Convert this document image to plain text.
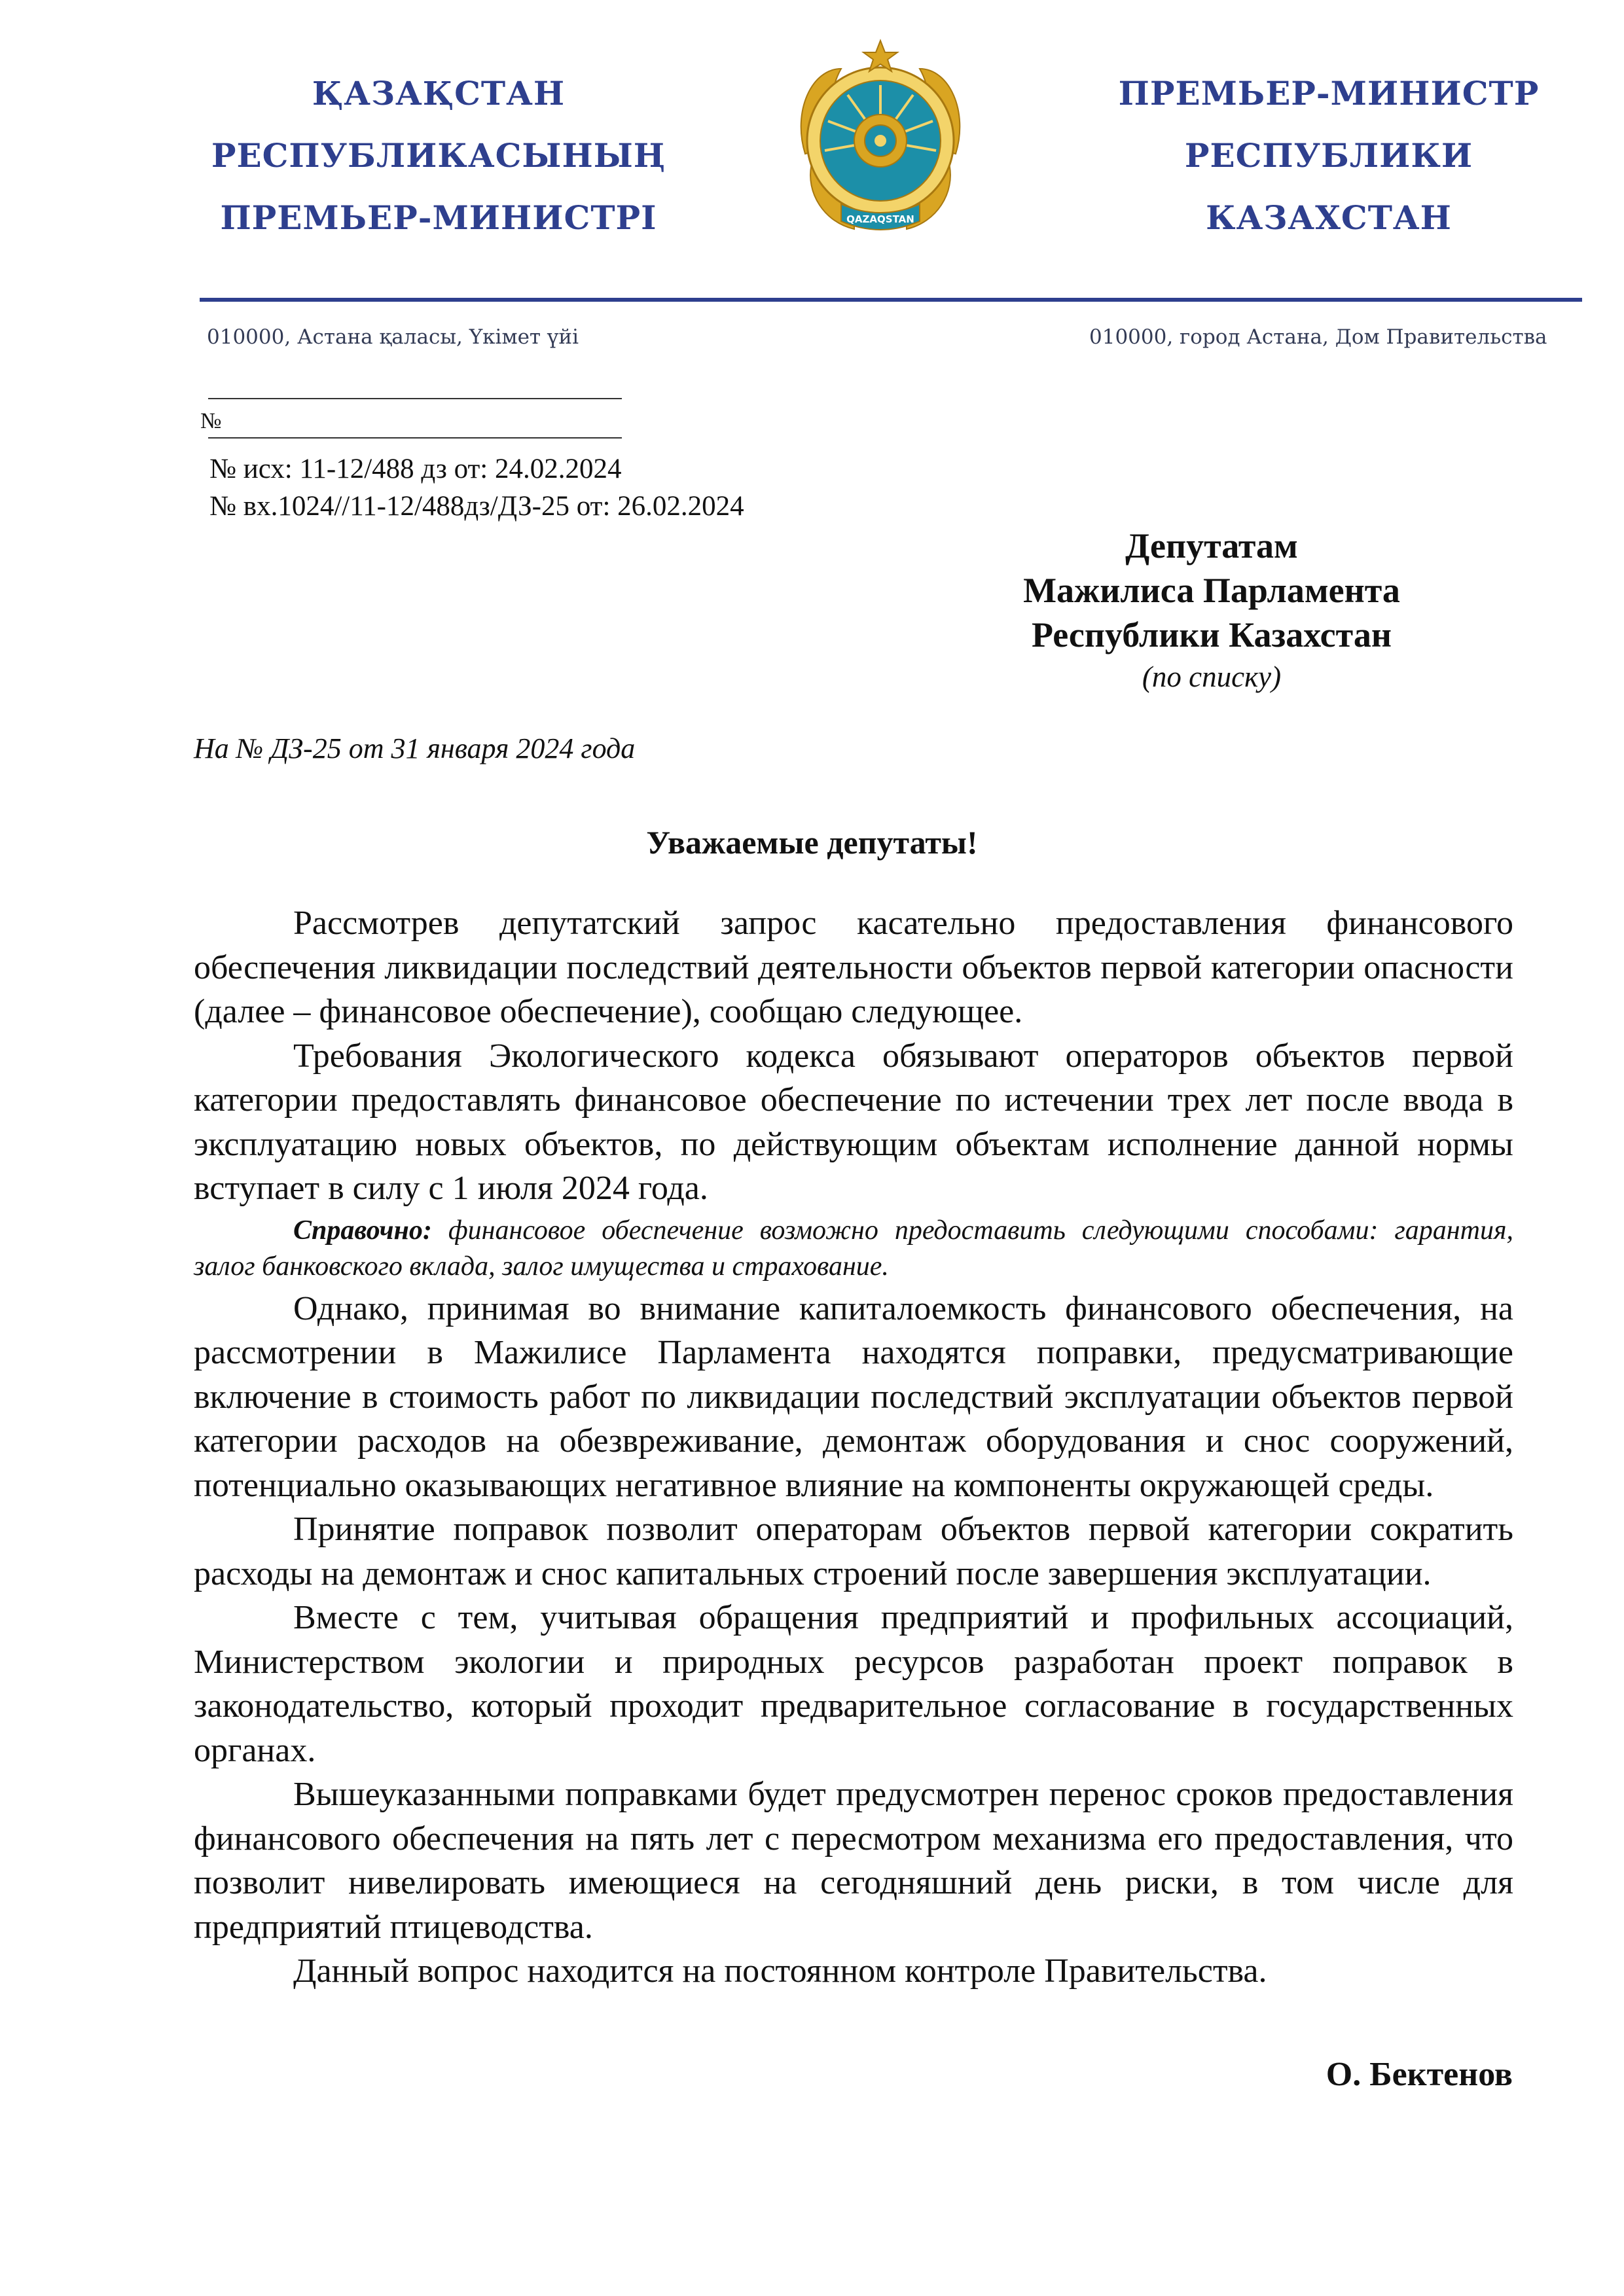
ҚАЗАҚСТАН
РЕСПУБЛИКАСЫНЫҢ
ПРЕМЬЕР-МИНИСТРІ	QAZAQSTAN
ПРЕМЬЕР-МИНИСТР
РЕСПУБЛИКИ
КАЗАХСТАН
010000, Астана қаласы, Үкімет үйі	010000, город Астана, Дом Правительства
№
№ исх: 11-12/488 дз от: 24.02.2024
№ вх.1024//11-12/488дз/ДЗ-25 от: 26.02.2024
Депутатам
Мажилиса Парламента
Республики Казахстан
(по списку)
На № ДЗ-25 от 31 января 2024 года
Уважаемые депутаты!

Рассмотрев депутатский запрос касательно предоставления финансового обеспечения ликвидации последствий деятельности объектов первой категории опасности (далее – финансовое обеспечение), сообщаю следующее.

Требования Экологического кодекса обязывают операторов объектов первой категории предоставлять финансовое обеспечение по истечении трех лет после ввода в эксплуатацию новых объектов, по действующим объектам исполнение данной нормы вступает в силу с 1 июля 2024 года.

Справочно: финансовое обеспечение возможно предоставить следующими способами: гарантия, залог банковского вклада, залог имущества и страхование.

Однако, принимая во внимание капиталоемкость финансового обеспечения, на рассмотрении в Мажилисе Парламента находятся поправки, предусматривающие включение в стоимость работ по ликвидации последствий эксплуатации объектов первой категории расходов на обезвреживание, демонтаж оборудования и снос сооружений, потенциально оказывающих негативное влияние на компоненты окружающей среды.

Принятие поправок позволит операторам объектов первой категории сократить расходы на демонтаж и снос капитальных строений после завершения эксплуатации.

Вместе с тем, учитывая обращения предприятий и профильных ассоциаций, Министерством экологии и природных ресурсов разработан проект поправок в законодательство, который проходит предварительное согласование в государственных органах.

Вышеуказанными поправками будет предусмотрен перенос сроков предоставления финансового обеспечения на пять лет с пересмотром механизма его предоставления, что позволит нивелировать имеющиеся на сегодняшний день риски, в том числе для предприятий птицеводства.

Данный вопрос находится на постоянном контроле Правительства.

О. Бектенов
